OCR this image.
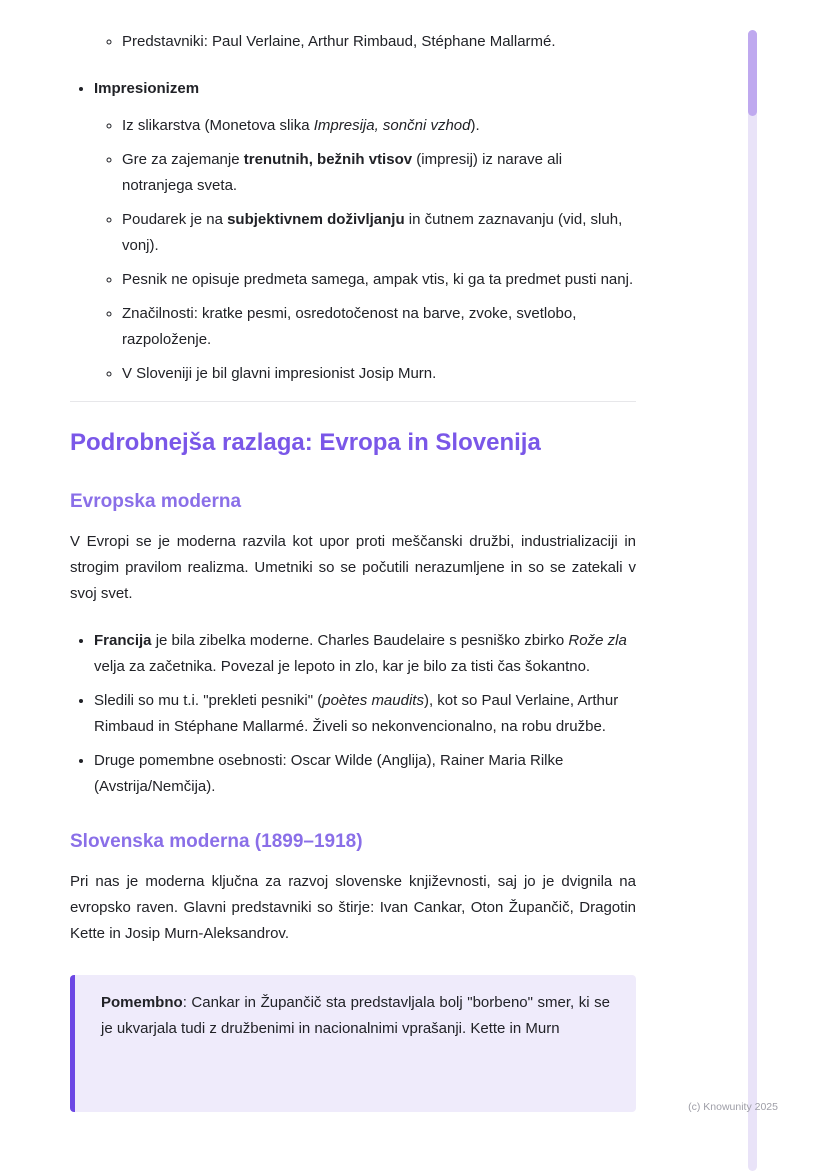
◦ Predstavniki: Paul Verlaine, Arthur Rimbaud, Stéphane Mallarmé.
• Impresionizem
◦ Iz slikarstva (Monetova slika Impresija, sončni vzhod).
◦ Gre za zajemanje trenutnih, bežnih vtisov (impresij) iz narave ali notranjega sveta.
◦ Poudarek je na subjektivnem doživljanju in čutnem zaznavanju (vid, sluh, vonj).
◦ Pesnik ne opisuje predmeta samega, ampak vtis, ki ga ta predmet pusti nanj.
◦ Značilnosti: kratke pesmi, osredotočenost na barve, zvoke, svetlobo, razpoloženje.
◦ V Sloveniji je bil glavni impresionist Josip Murn.
Podrobnejša razlaga: Evropa in Slovenija
Evropska moderna

V Evropi se je moderna razvila kot upor proti meščanski družbi, industrializaciji in strogim pravilom realizma. Umetniki so se počutili nerazumljene in so se zatekali v svoj svet.

• Francija je bila zibelka moderne. Charles Baudelaire s pesniško zbirko Rože zla velja za začetnika. Povezal je lepoto in zlo, kar je bilo za tisti čas šokantno.
• Sledili so mu t.i. "prekleti pesniki" (poètes maudits), kot so Paul Verlaine, Arthur Rimbaud in Stéphane Mallarmé. Živeli so nekonvencionalno, na robu družbe.
• Druge pomembne osebnosti: Oscar Wilde (Anglija), Rainer Maria Rilke (Avstrija/Nemčija).
Slovenska moderna (1899–1918)

Pri nas je moderna ključna za razvoj slovenske književnosti, saj jo je dvignila na evropsko raven. Glavni predstavniki so štirje: Ivan Cankar, Oton Župančič, Dragotin Kette in Josip Murn-Aleksandrov.

Pomembno: Cankar in Župančič sta predstavljala bolj "borbeno" smer, ki se je ukvarjala tudi z družbenimi in nacionalnimi vprašanji. Kette in Murn

(c) Knowunity 2025
